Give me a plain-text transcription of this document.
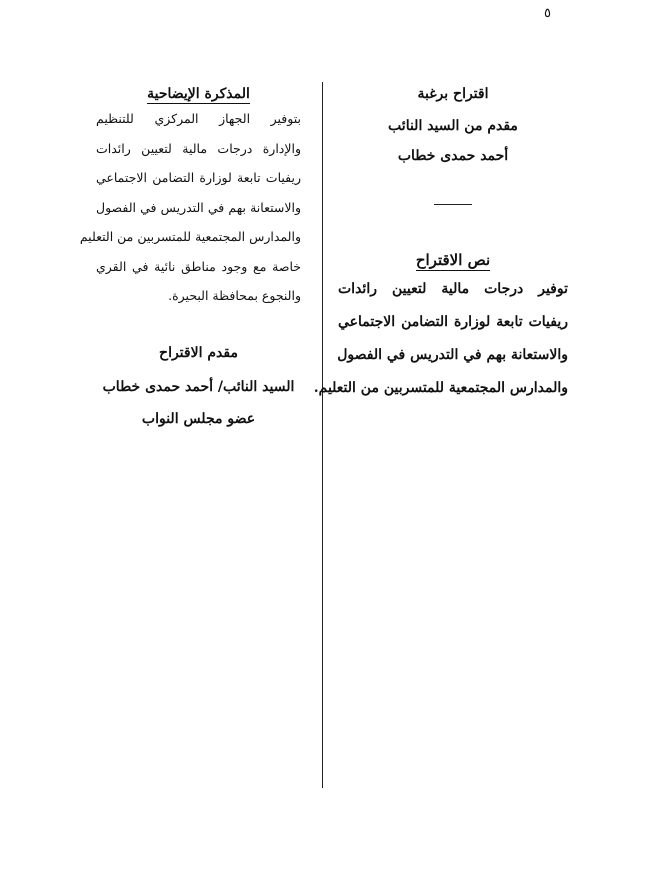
٥
اقتراح برغبة
مقدم من السيد النائب
أحمد حمدى خطاب
نص الاقتراح
توفير درجات مالية لتعيين رائدات
ريفيات تابعة لوزارة التضامن الاجتماعي
والاستعانة بهم في التدريس في الفصول
والمدارس المجتمعية للمتسربين من التعليم.
المذكرة الإيضاحية
بتوفير الجهاز المركزي للتنظيم
والإدارة درجات مالية لتعيين رائدات
ريفيات تابعة لوزارة التضامن الاجتماعي
والاستعانة بهم في التدريس في الفصول
والمدارس المجتمعية للمتسربين من التعليم
خاصة مع وجود مناطق نائية في القري
والنجوع بمحافظة البحيرة.
مقدم الاقتراح
السيد النائب/ أحمد حمدى خطاب
عضو مجلس النواب
